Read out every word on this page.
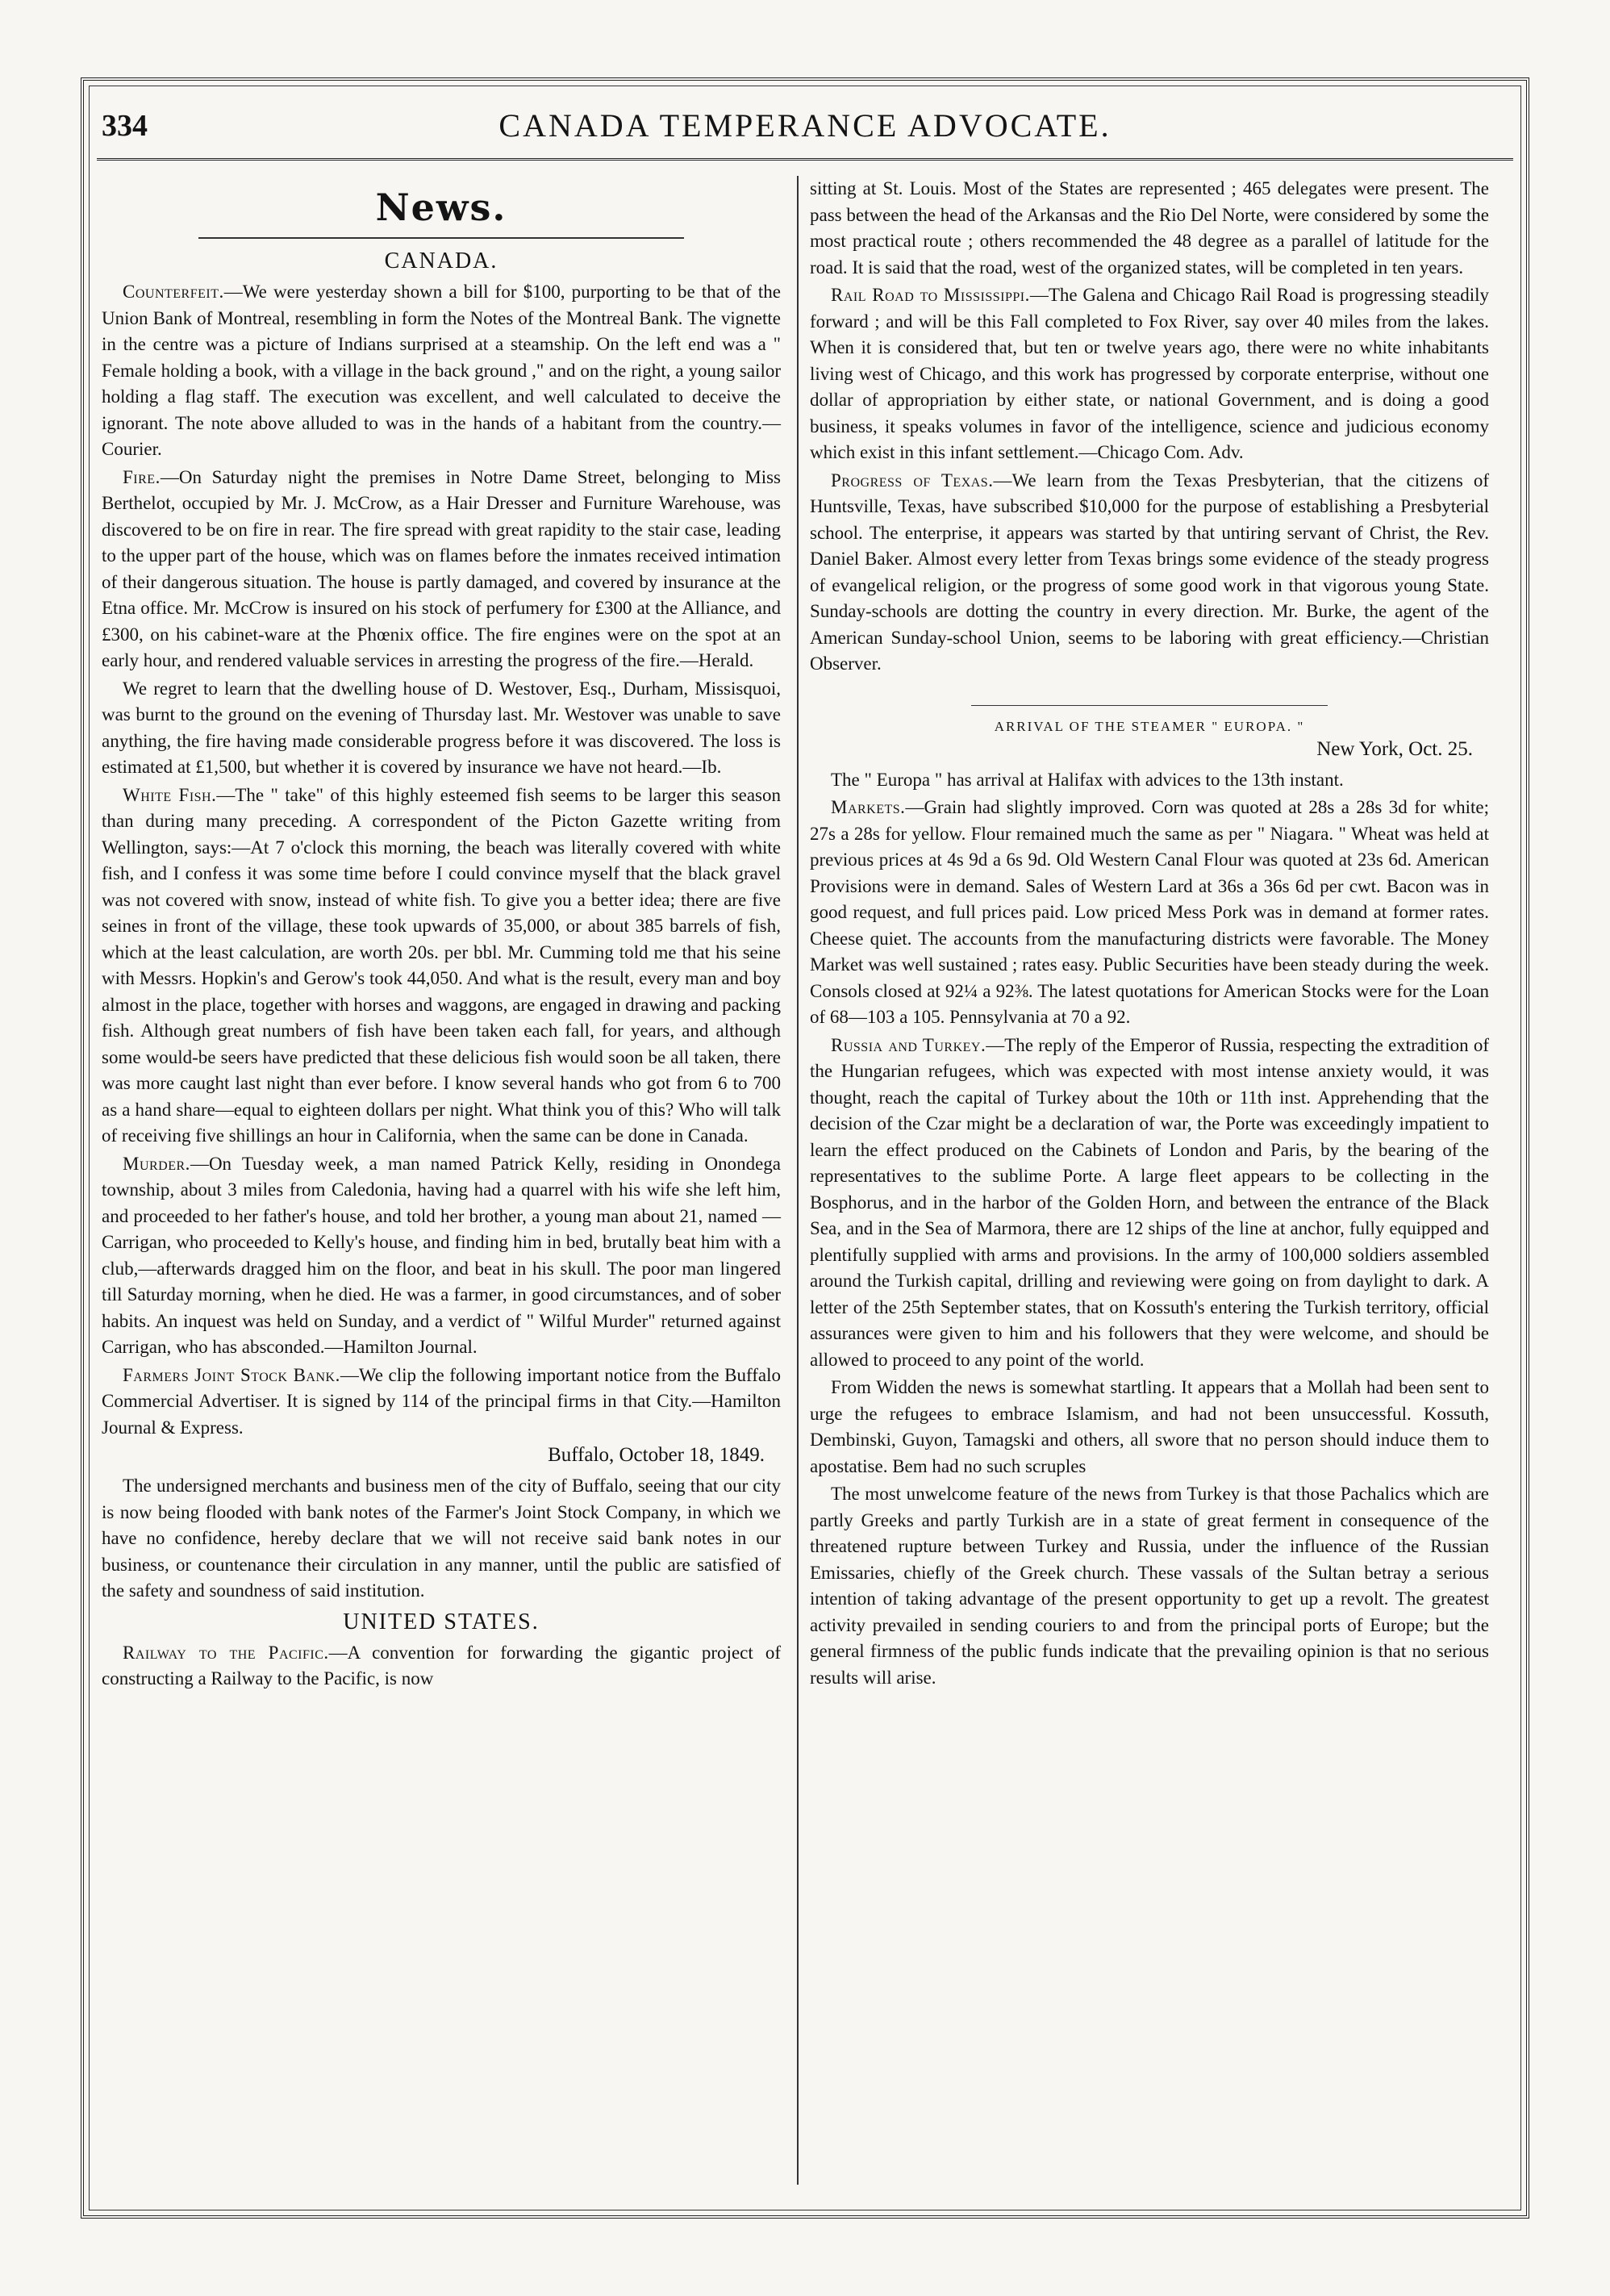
334	CANADA TEMPERANCE ADVOCATE.
News.
CANADA.

Counterfeit.—We were yesterday shown a bill for $100, purporting to be that of the Union Bank of Montreal, resembling in form the Notes of the Montreal Bank. The vignette in the centre was a picture of Indians surprised at a steamship. On the left end was a " Female holding a book, with a village in the back ground ," and on the right, a young sailor holding a flag staff. The execution was excellent, and well calculated to deceive the ignorant. The note above alluded to was in the hands of a habitant from the country.—Courier.

Fire.—On Saturday night the premises in Notre Dame Street, belonging to Miss Berthelot, occupied by Mr. J. McCrow, as a Hair Dresser and Furniture Warehouse, was discovered to be on fire in rear. The fire spread with great rapidity to the stair case, leading to the upper part of the house, which was on flames before the inmates received intimation of their dangerous situation. The house is partly damaged, and covered by insurance at the Etna office. Mr. McCrow is insured on his stock of perfumery for £300 at the Alliance, and £300, on his cabinet-ware at the Phœnix office. The fire engines were on the spot at an early hour, and rendered valuable services in arresting the progress of the fire.—Herald.

We regret to learn that the dwelling house of D. Westover, Esq., Durham, Missisquoi, was burnt to the ground on the evening of Thursday last. Mr. Westover was unable to save anything, the fire having made considerable progress before it was discovered. The loss is estimated at £1,500, but whether it is covered by insurance we have not heard.—Ib.

White Fish.—The " take" of this highly esteemed fish seems to be larger this season than during many preceding. A correspondent of the Picton Gazette writing from Wellington, says:—At 7 o'clock this morning, the beach was literally covered with white fish, and I confess it was some time before I could convince myself that the black gravel was not covered with snow, instead of white fish. To give you a better idea; there are five seines in front of the village, these took upwards of 35,000, or about 385 barrels of fish, which at the least calculation, are worth 20s. per bbl. Mr. Cumming told me that his seine with Messrs. Hopkin's and Gerow's took 44,050. And what is the result, every man and boy almost in the place, together with horses and waggons, are engaged in drawing and packing fish. Although great numbers of fish have been taken each fall, for years, and although some would-be seers have predicted that these delicious fish would soon be all taken, there was more caught last night than ever before. I know several hands who got from 6 to 700 as a hand share—equal to eighteen dollars per night. What think you of this? Who will talk of receiving five shillings an hour in California, when the same can be done in Canada.

Murder.—On Tuesday week, a man named Patrick Kelly, residing in Onondega township, about 3 miles from Caledonia, having had a quarrel with his wife she left him, and proceeded to her father's house, and told her brother, a young man about 21, named — Carrigan, who proceeded to Kelly's house, and finding him in bed, brutally beat him with a club,—afterwards dragged him on the floor, and beat in his skull. The poor man lingered till Saturday morning, when he died. He was a farmer, in good circumstances, and of sober habits. An inquest was held on Sunday, and a verdict of " Wilful Murder" returned against Carrigan, who has absconded.—Hamilton Journal.

Farmers Joint Stock Bank.—We clip the following important notice from the Buffalo Commercial Advertiser. It is signed by 114 of the principal firms in that City.—Hamilton Journal & Express.

Buffalo, October 18, 1849.

The undersigned merchants and business men of the city of Buffalo, seeing that our city is now being flooded with bank notes of the Farmer's Joint Stock Company, in which we have no confidence, hereby declare that we will not receive said bank notes in our business, or countenance their circulation in any manner, until the public are satisfied of the safety and soundness of said institution.

UNITED STATES.

Railway to the Pacific.—A convention for forwarding the gigantic project of constructing a Railway to the Pacific, is now

sitting at St. Louis. Most of the States are represented ; 465 delegates were present. The pass between the head of the Arkansas and the Rio Del Norte, were considered by some the most practical route ; others recommended the 48 degree as a parallel of latitude for the road. It is said that the road, west of the organized states, will be completed in ten years.

Rail Road to Mississippi.—The Galena and Chicago Rail Road is progressing steadily forward ; and will be this Fall completed to Fox River, say over 40 miles from the lakes. When it is considered that, but ten or twelve years ago, there were no white inhabitants living west of Chicago, and this work has progressed by corporate enterprise, without one dollar of appropriation by either state, or national Government, and is doing a good business, it speaks volumes in favor of the intelligence, science and judicious economy which exist in this infant settlement.—Chicago Com. Adv.

Progress of Texas.—We learn from the Texas Presbyterian, that the citizens of Huntsville, Texas, have subscribed $10,000 for the purpose of establishing a Presbyterial school. The enterprise, it appears was started by that untiring servant of Christ, the Rev. Daniel Baker. Almost every letter from Texas brings some evidence of the steady progress of evangelical religion, or the progress of some good work in that vigorous young State. Sunday-schools are dotting the country in every direction. Mr. Burke, the agent of the American Sunday-school Union, seems to be laboring with great efficiency.—Christian Observer.

ARRIVAL OF THE STEAMER " EUROPA. "
New York, Oct. 25.

The " Europa " has arrival at Halifax with advices to the 13th instant.

Markets.—Grain had slightly improved. Corn was quoted at 28s a 28s 3d for white; 27s a 28s for yellow. Flour remained much the same as per " Niagara. " Wheat was held at previous prices at 4s 9d a 6s 9d. Old Western Canal Flour was quoted at 23s 6d. American Provisions were in demand. Sales of Western Lard at 36s a 36s 6d per cwt. Bacon was in good request, and full prices paid. Low priced Mess Pork was in demand at former rates. Cheese quiet. The accounts from the manufacturing districts were favorable. The Money Market was well sustained ; rates easy. Public Securities have been steady during the week. Consols closed at 92¼ a 92⅜. The latest quotations for American Stocks were for the Loan of 68—103 a 105. Pennsylvania at 70 a 92.

Russia and Turkey.—The reply of the Emperor of Russia, respecting the extradition of the Hungarian refugees, which was expected with most intense anxiety would, it was thought, reach the capital of Turkey about the 10th or 11th inst. Apprehending that the decision of the Czar might be a declaration of war, the Porte was exceedingly impatient to learn the effect produced on the Cabinets of London and Paris, by the bearing of the representatives to the sublime Porte. A large fleet appears to be collecting in the Bosphorus, and in the harbor of the Golden Horn, and between the entrance of the Black Sea, and in the Sea of Marmora, there are 12 ships of the line at anchor, fully equipped and plentifully supplied with arms and provisions. In the army of 100,000 soldiers assembled around the Turkish capital, drilling and reviewing were going on from daylight to dark. A letter of the 25th September states, that on Kossuth's entering the Turkish territory, official assurances were given to him and his followers that they were welcome, and should be allowed to proceed to any point of the world.

From Widden the news is somewhat startling. It appears that a Mollah had been sent to urge the refugees to embrace Islamism, and had not been unsuccessful. Kossuth, Dembinski, Guyon, Tamagski and others, all swore that no person should induce them to apostatise. Bem had no such scruples

The most unwelcome feature of the news from Turkey is that those Pachalics which are partly Greeks and partly Turkish are in a state of great ferment in consequence of the threatened rupture between Turkey and Russia, under the influence of the Russian Emissaries, chiefly of the Greek church. These vassals of the Sultan betray a serious intention of taking advantage of the present opportunity to get up a revolt. The greatest activity prevailed in sending couriers to and from the principal ports of Europe; but the general firmness of the public funds indicate that the prevailing opinion is that no serious results will arise.
